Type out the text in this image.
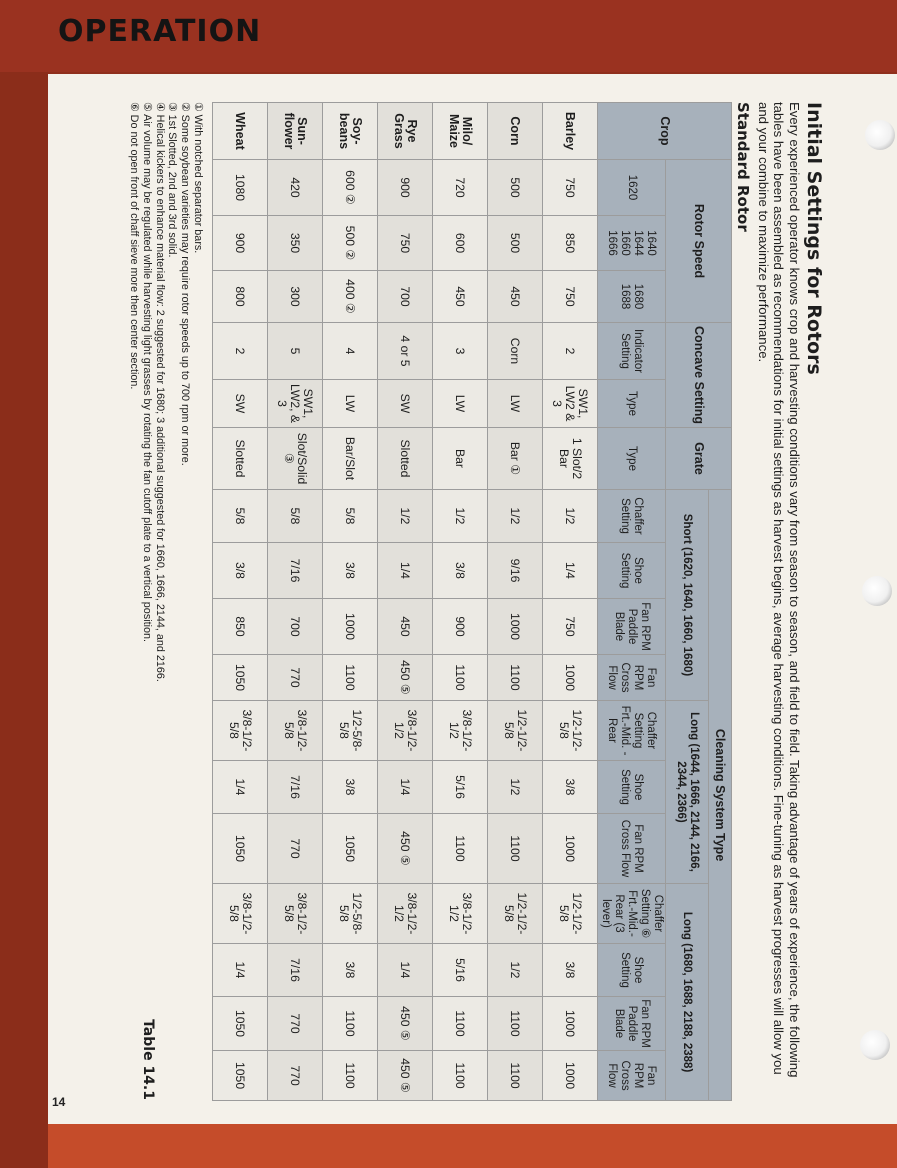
OPERATION
14
Initial Settings for Rotors

Every experienced operator knows crop and harvesting conditions vary from season to season, and field to field. Taking advantage of years of experience, the following tables have been assembled as recommendations for initial settings as harvest begins, average harvesting conditions. Fine-tuning as harvest progresses will allow you and your combine to maximize performance.

Standard Rotor
Crop	Rotor Speed			Concave Setting		Grate	Cleaning System Type										
							Short (1620, 1640, 1660, 1680)				Long (1644, 1666, 2144, 2166, 2344, 2366)			Long (1680, 1688, 2188, 2388)			
	1620	1640 1644 1660 1666	1680 1688	Indicator Setting	Type	Type	Chaffer Setting	Shoe Setting	Fan RPM Paddle Blade	Fan RPM Cross Flow	Chaffer Setting Frt.-Mid. -Rear	Shoe Setting	Fan RPM Cross Flow	Chaffer Setting ⑥ Frt.-Mid.- Rear (3 lever)	Shoe Setting	Fan RPM Paddle Blade	Fan RPM Cross Flow
Barley	750	850	750	2	SW1, LW2 & 3	1 Slot/2 Bar	1/2	1/4	750	1000	1/2-1/2-5/8	3/8	1000	1/2-1/2-5/8	3/8	1000	1000
Corn	500	500	450	Corn	LW	Bar ①	1/2	9/16	1000	1100	1/2-1/2-5/8	1/2	1100	1/2-1/2-5/8	1/2	1100	1100
Milo/ Maize	720	600	450	3	LW	Bar	1/2	3/8	900	1100	3/8-1/2-1/2	5/16	1100	3/8-1/2-1/2	5/16	1100	1100
Rye Grass	900	750	700	4 or 5	SW	Slotted	1/2	1/4	450	450 ⑤	3/8-1/2-1/2	1/4	450 ⑤	3/8-1/2-1/2	1/4	450 ⑤	450 ⑤
Soy-beans	600 ②	500 ②	400 ②	4	LW	Bar/Slot	5/8	3/8	1000	1100	1/2-5/8-5/8	3/8	1050	1/2-5/8-5/8	3/8	1100	1100
Sun-flower	420	350	300	5	SW1, LW2, & 3	Slot/Solid ③	5/8	7/16	700	770	3/8-1/2-5/8	7/16	770	3/8-1/2-5/8	7/16	770	770
Wheat	1080	900	800	2	SW	Slotted	5/8	3/8	850	1050	3/8-1/2-5/8	1/4	1050	3/8-1/2-5/8	1/4	1050	1050
① With notched separator bars.
② Some soybean varieties may require rotor speeds up to 700 rpm or more.
③ 1st Slotted, 2nd and 3rd solid.
④ Helical kickers to enhance material flow: 2 suggested for 1680; 3 additional suggested for 1660, 1666, 2144, and 2166.
⑤ Air volume may be regulated while harvesting light grasses by rotating the fan cutoff plate to a vertical position.
⑥ Do not open front of chaff sieve more then center section.
Table 14.1
